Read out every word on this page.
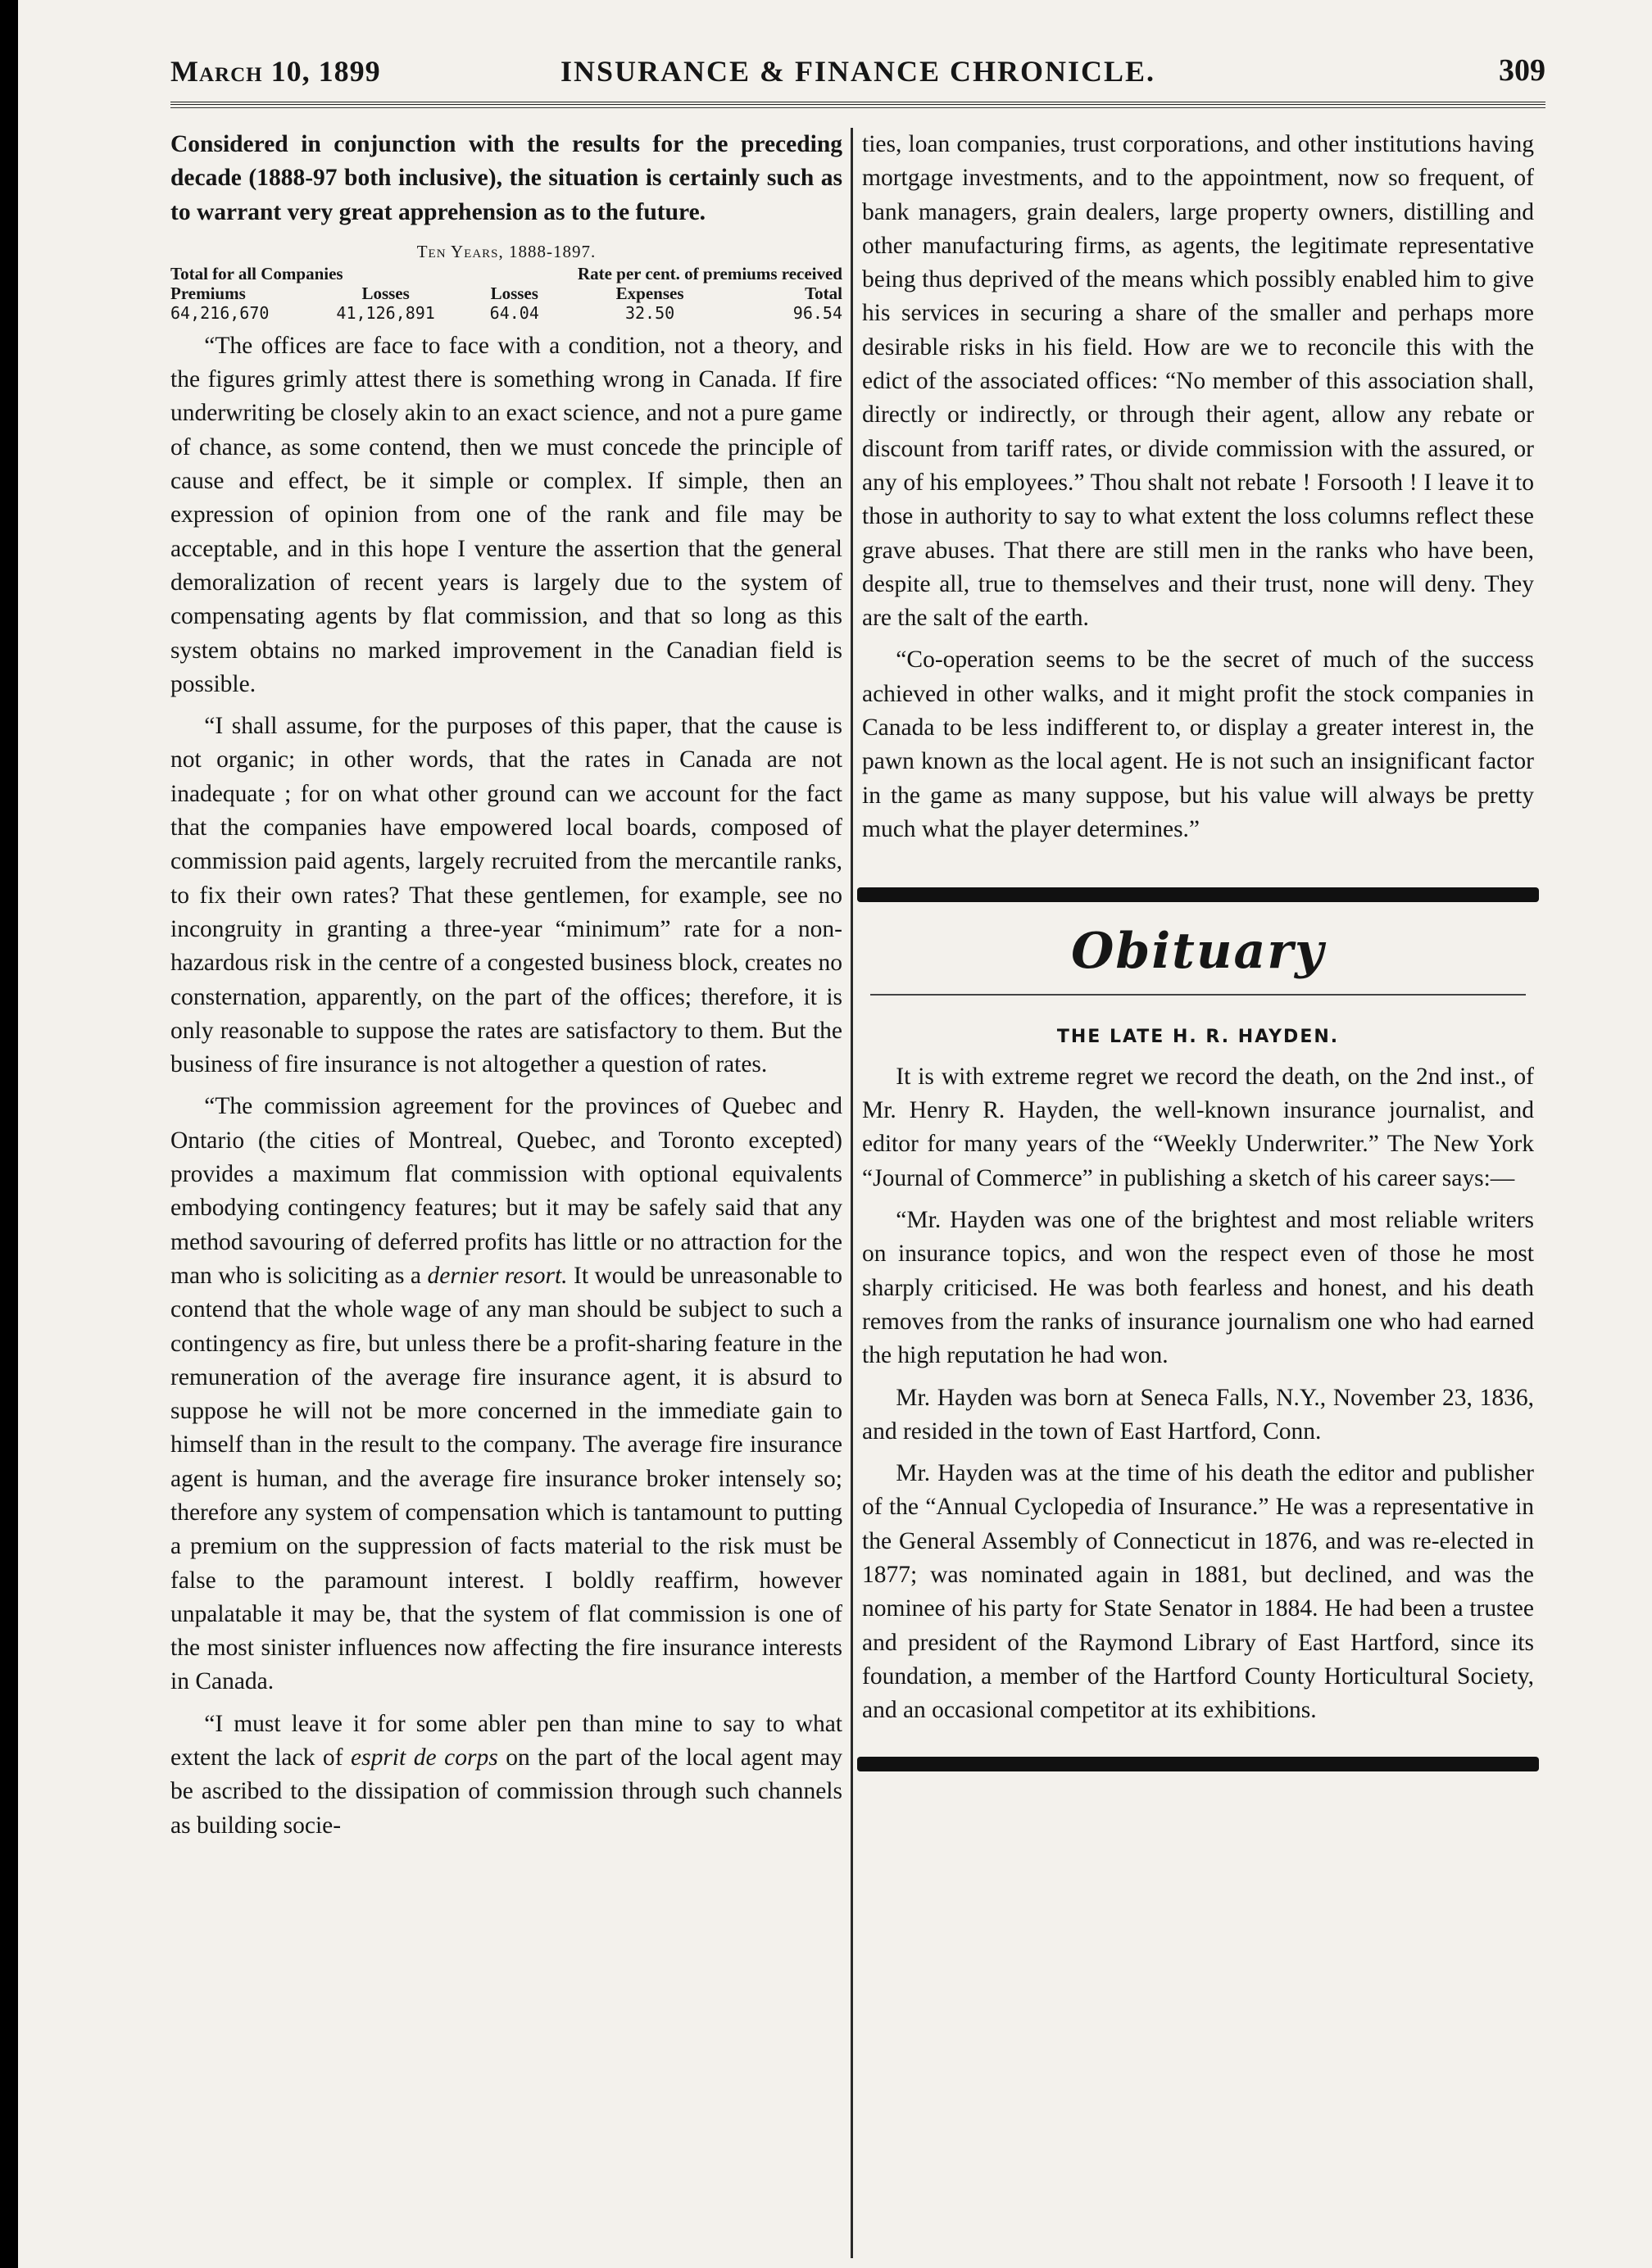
March 10, 1899	INSURANCE & FINANCE CHRONICLE.	309

Considered in conjunction with the results for the preceding decade (1888-97 both inclusive), the situation is certainly such as to warrant very great apprehension as to the future.

Ten Years, 1888-1897.
Total for all Companies		Rate per cent. of premiums received		
Premiums	Losses	Losses	Expenses	Total
64,216,670	41,126,891	64.04	32.50	96.54

“The offices are face to face with a condition, not a theory, and the figures grimly attest there is something wrong in Canada. If fire underwriting be closely akin to an exact science, and not a pure game of chance, as some contend, then we must concede the principle of cause and effect, be it simple or complex. If simple, then an expression of opinion from one of the rank and file may be acceptable, and in this hope I venture the assertion that the general demoralization of recent years is largely due to the system of compensating agents by flat commission, and that so long as this system obtains no marked improvement in the Canadian field is possible.

“I shall assume, for the purposes of this paper, that the cause is not organic; in other words, that the rates in Canada are not inadequate ; for on what other ground can we account for the fact that the companies have empowered local boards, composed of commission paid agents, largely recruited from the mercantile ranks, to fix their own rates? That these gentlemen, for example, see no incongruity in granting a three-year “minimum” rate for a non-hazardous risk in the centre of a congested business block, creates no consternation, apparently, on the part of the offices; therefore, it is only reasonable to suppose the rates are satisfactory to them. But the business of fire insurance is not altogether a question of rates.

“The commission agreement for the provinces of Quebec and Ontario (the cities of Montreal, Quebec, and Toronto excepted) provides a maximum flat commission with optional equivalents embodying contingency features; but it may be safely said that any method savouring of deferred profits has little or no attraction for the man who is soliciting as a dernier resort. It would be unreasonable to contend that the whole wage of any man should be subject to such a contingency as fire, but unless there be a profit-sharing feature in the remuneration of the average fire insurance agent, it is absurd to suppose he will not be more concerned in the immediate gain to himself than in the result to the company. The average fire insurance agent is human, and the average fire insurance broker intensely so; therefore any system of compensation which is tantamount to putting a premium on the suppression of facts material to the risk must be false to the paramount interest. I boldly reaffirm, however unpalatable it may be, that the system of flat commission is one of the most sinister influences now affecting the fire insurance interests in Canada.

“I must leave it for some abler pen than mine to say to what extent the lack of esprit de corps on the part of the local agent may be ascribed to the dissipation of commission through such channels as building socie-

ties, loan companies, trust corporations, and other institutions having mortgage investments, and to the appointment, now so frequent, of bank managers, grain dealers, large property owners, distilling and other manufacturing firms, as agents, the legitimate representative being thus deprived of the means which possibly enabled him to give his services in securing a share of the smaller and perhaps more desirable risks in his field. How are we to reconcile this with the edict of the associated offices: “No member of this association shall, directly or indirectly, or through their agent, allow any rebate or discount from tariff rates, or divide commission with the assured, or any of his employees.” Thou shalt not rebate ! Forsooth ! I leave it to those in authority to say to what extent the loss columns reflect these grave abuses. That there are still men in the ranks who have been, despite all, true to themselves and their trust, none will deny. They are the salt of the earth.

“Co-operation seems to be the secret of much of the success achieved in other walks, and it might profit the stock companies in Canada to be less indifferent to, or display a greater interest in, the pawn known as the local agent. He is not such an insignificant factor in the game as many suppose, but his value will always be pretty much what the player determines.”

Obituary
THE LATE H. R. HAYDEN.

It is with extreme regret we record the death, on the 2nd inst., of Mr. Henry R. Hayden, the well-known insurance journalist, and editor for many years of the “Weekly Underwriter.” The New York “Journal of Commerce” in publishing a sketch of his career says:—

“Mr. Hayden was one of the brightest and most reliable writers on insurance topics, and won the respect even of those he most sharply criticised. He was both fearless and honest, and his death removes from the ranks of insurance journalism one who had earned the high reputation he had won.

Mr. Hayden was born at Seneca Falls, N.Y., November 23, 1836, and resided in the town of East Hartford, Conn.

Mr. Hayden was at the time of his death the editor and publisher of the “Annual Cyclopedia of Insurance.” He was a representative in the General Assembly of Connecticut in 1876, and was re-elected in 1877; was nominated again in 1881, but declined, and was the nominee of his party for State Senator in 1884. He had been a trustee and president of the Raymond Library of East Hartford, since its foundation, a member of the Hartford County Horticultural Society, and an occasional competitor at its exhibitions.
